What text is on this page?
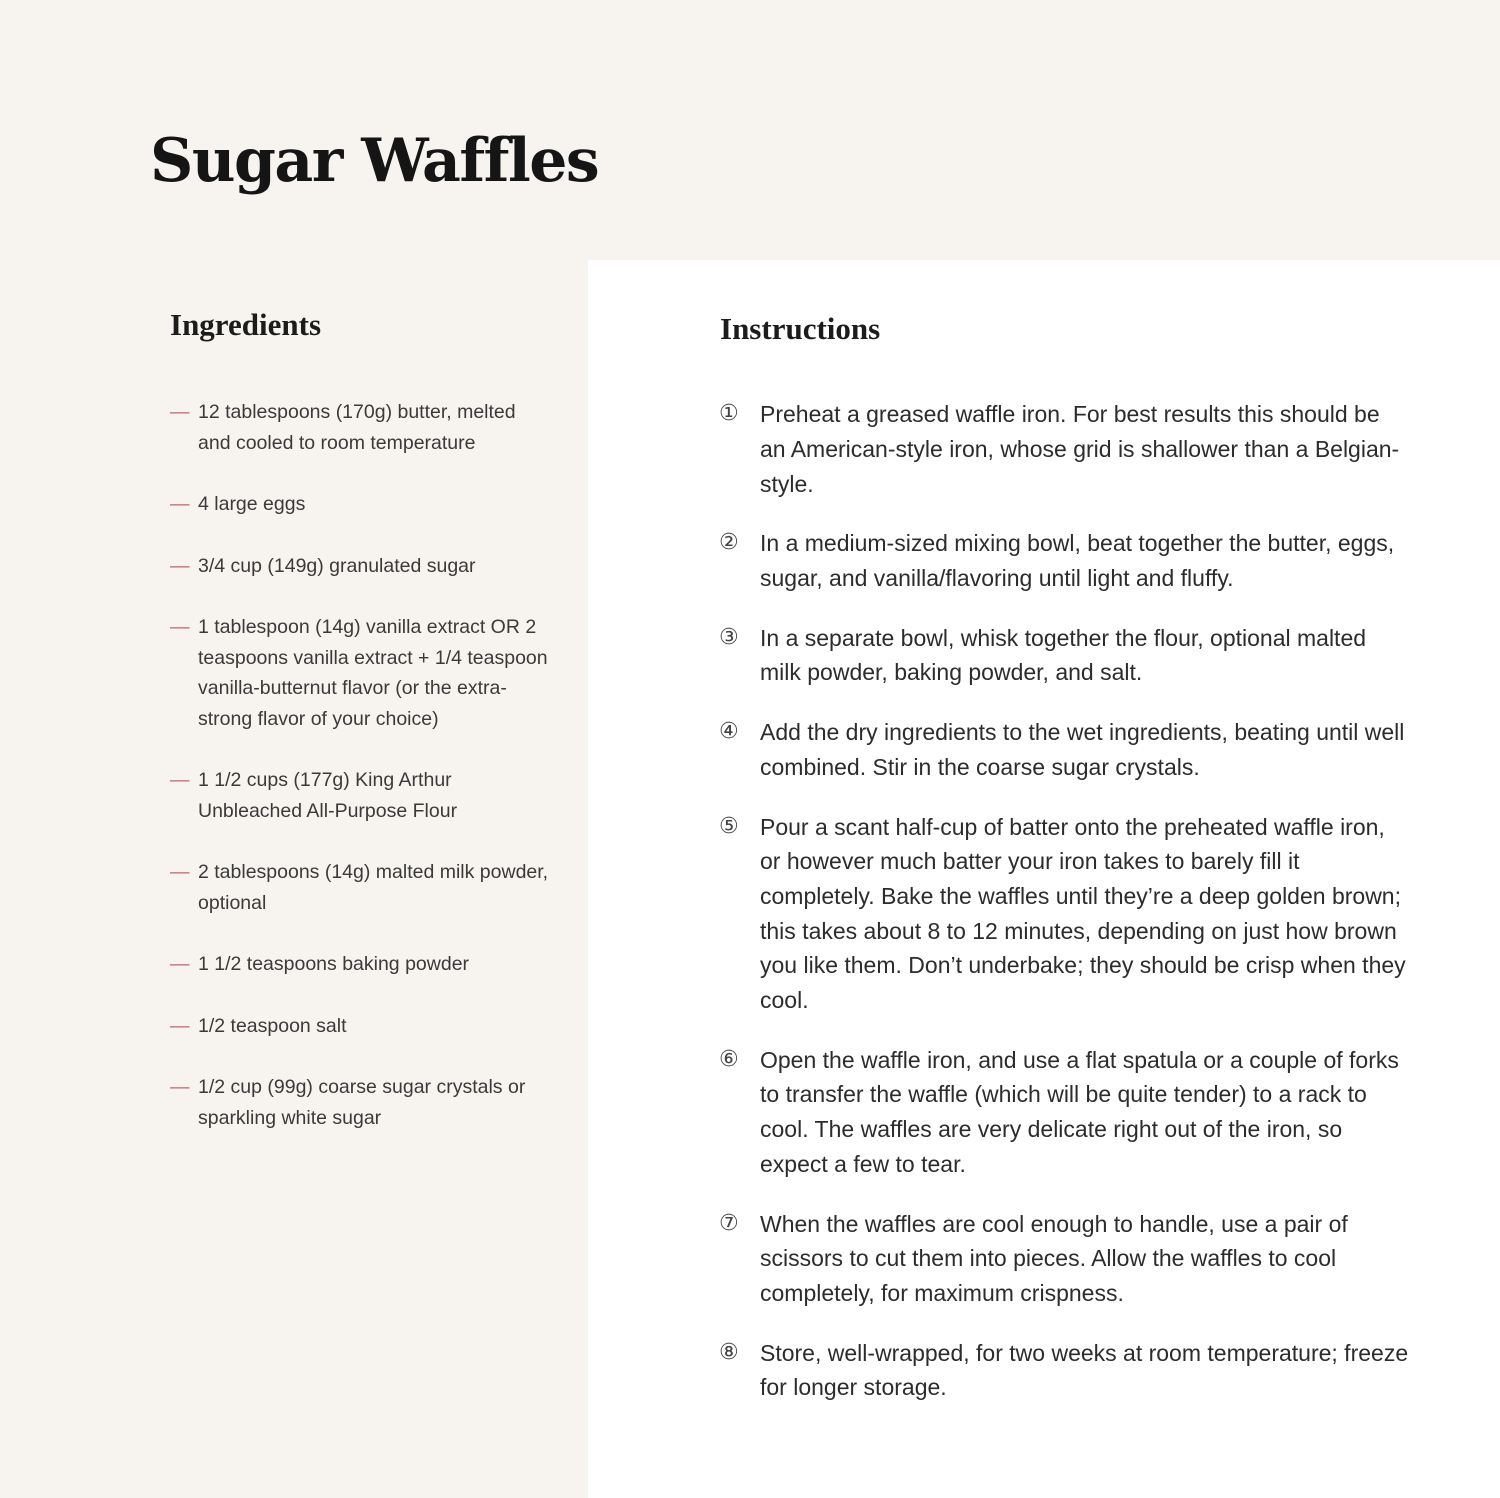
Sugar Waffles
Ingredients
— 12 tablespoons (170g) butter, melted and cooled to room temperature
— 4 large eggs
— 3/4 cup (149g) granulated sugar
— 1 tablespoon (14g) vanilla extract OR 2 teaspoons vanilla extract + 1/4 teaspoon vanilla-butternut flavor (or the extra-strong flavor of your choice)
— 1 1/2 cups (177g) King Arthur Unbleached All-Purpose Flour
— 2 tablespoons (14g) malted milk powder, optional
— 1 1/2 teaspoons baking powder
— 1/2 teaspoon salt
— 1/2 cup (99g) coarse sugar crystals or sparkling white sugar
Instructions
① Preheat a greased waffle iron. For best results this should be an American-style iron, whose grid is shallower than a Belgian-style.
② In a medium-sized mixing bowl, beat together the butter, eggs, sugar, and vanilla/flavoring until light and fluffy.
③ In a separate bowl, whisk together the flour, optional malted milk powder, baking powder, and salt.
④ Add the dry ingredients to the wet ingredients, beating until well combined. Stir in the coarse sugar crystals.
⑤ Pour a scant half-cup of batter onto the preheated waffle iron, or however much batter your iron takes to barely fill it completely. Bake the waffles until they’re a deep golden brown; this takes about 8 to 12 minutes, depending on just how brown you like them. Don’t underbake; they should be crisp when they cool.
⑥ Open the waffle iron, and use a flat spatula or a couple of forks to transfer the waffle (which will be quite tender) to a rack to cool. The waffles are very delicate right out of the iron, so expect a few to tear.
⑦ When the waffles are cool enough to handle, use a pair of scissors to cut them into pieces. Allow the waffles to cool completely, for maximum crispness.
⑧ Store, well-wrapped, for two weeks at room temperature; freeze for longer storage.
